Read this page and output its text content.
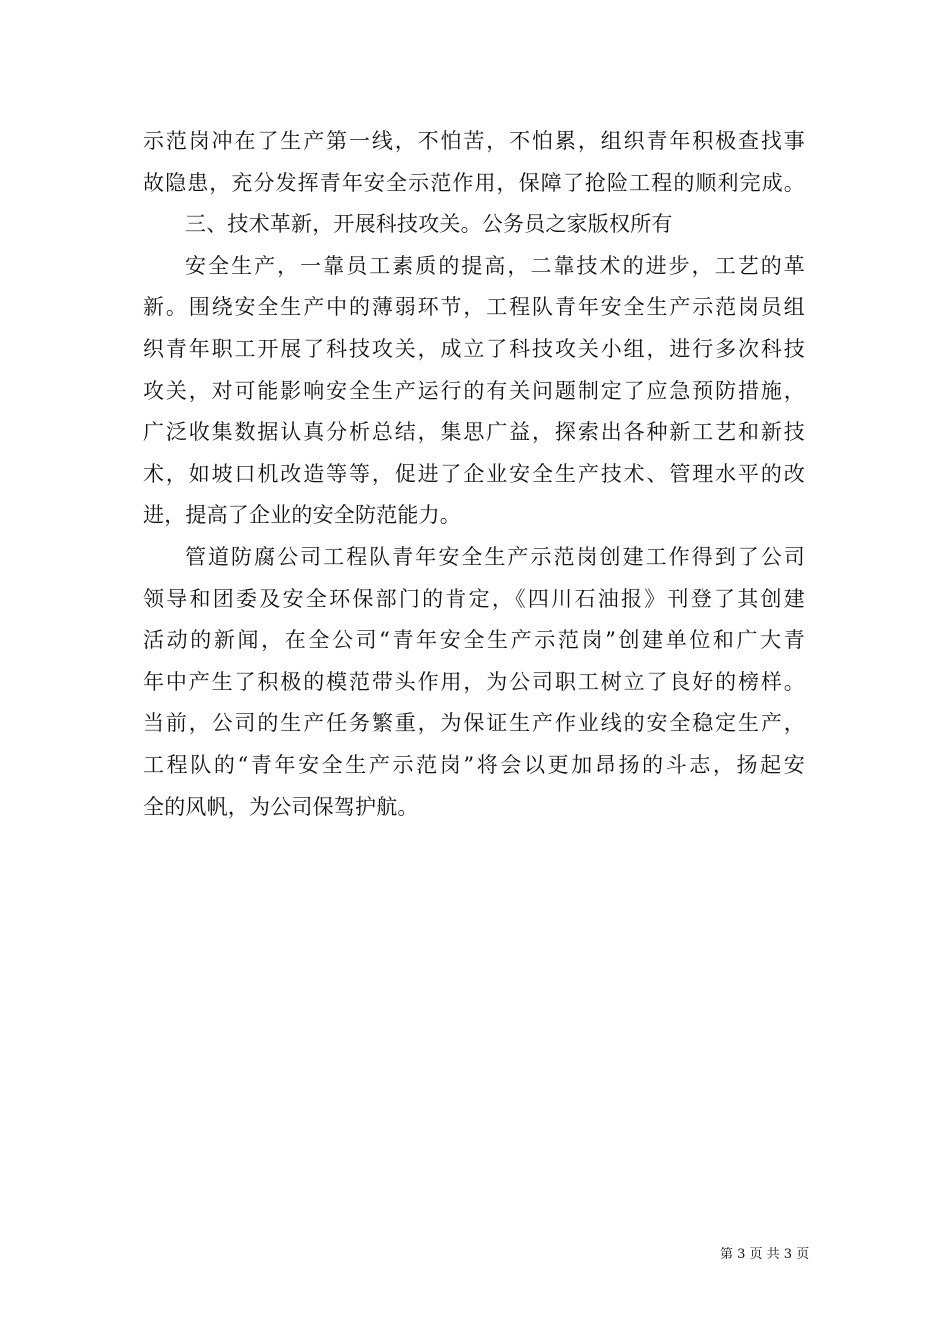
示范岗冲在了生产第一线，不怕苦，不怕累，组织青年积极查找事
故隐患，充分发挥青年安全示范作用，保障了抢险工程的顺利完成。
三、技术革新，开展科技攻关。公务员之家版权所有
安全生产，一靠员工素质的提高，二靠技术的进步，工艺的革
新。围绕安全生产中的薄弱环节，工程队青年安全生产示范岗员组
织青年职工开展了科技攻关，成立了科技攻关小组，进行多次科技
攻关，对可能影响安全生产运行的有关问题制定了应急预防措施，
广泛收集数据认真分析总结，集思广益，探索出各种新工艺和新技
术，如坡口机改造等等，促进了企业安全生产技术、管理水平的改
进，提高了企业的安全防范能力。
管道防腐公司工程队青年安全生产示范岗创建工作得到了公司
领导和团委及安全环保部门的肯定，《四川石油报》刊登了其创建
活动的新闻，在全公司“青年安全生产示范岗”创建单位和广大青
年中产生了积极的模范带头作用，为公司职工树立了良好的榜样。
当前，公司的生产任务繁重，为保证生产作业线的安全稳定生产，
工程队的“青年安全生产示范岗”将会以更加昂扬的斗志，扬起安
全的风帆，为公司保驾护航。
第 3 页 共 3 页
